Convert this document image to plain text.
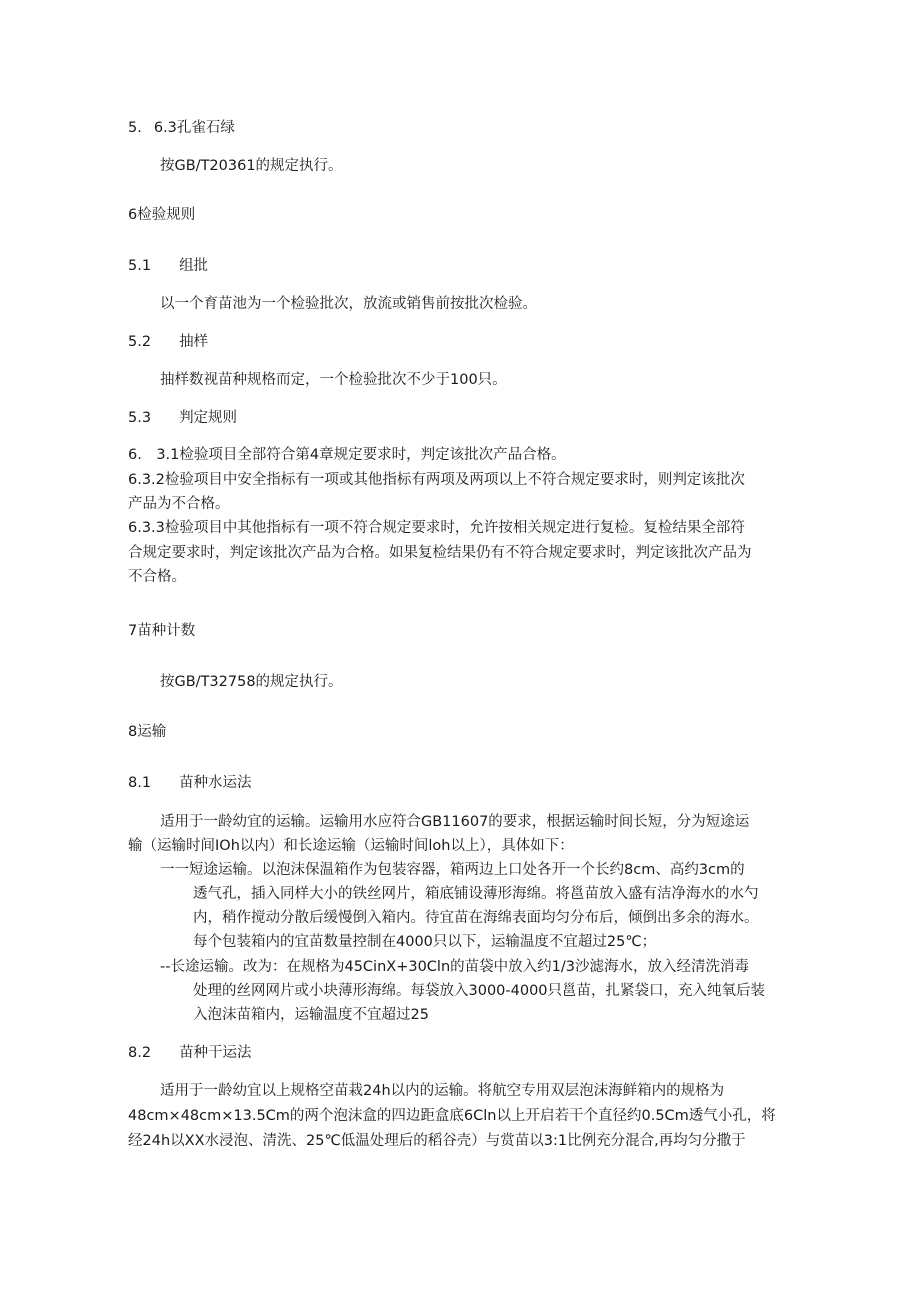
5. 6.3孔雀石绿
按GB/T20361的规定执行。
6检验规则
5.1 组批
以一个育苗池为一个检验批次，放流或销售前按批次检验。
5.2 抽样
抽样数视苗种规格而定，一个检验批次不少于100只。
5.3 判定规则
6.　3.1检验项目全部符合第4章规定要求时，判定该批次产品合格。
6.3.2检验项目中安全指标有一项或其他指标有两项及两项以上不符合规定要求时，则判定该批次
产品为不合格。
6.3.3检验项目中其他指标有一项不符合规定要求时，允许按相关规定进行复检。复检结果全部符
合规定要求时，判定该批次产品为合格。如果复检结果仍有不符合规定要求时，判定该批次产品为
不合格。
7苗种计数
按GB/T32758的规定执行。
8运输
8.1 苗种水运法
适用于一龄幼宜的运输。运输用水应符合GB11607的要求，根据运输时间长短，分为短途运
输（运输时间IOh以内）和长途运输（运输时间loh以上），具体如下：
一一短途运输。以泡沫保温箱作为包装容器，箱两边上口处各开一个长约8cm、高约3cm的
透气孔，插入同样大小的铁丝网片，箱底铺设薄形海绵。将邕苗放入盛有洁净海水的水勺
内，稍作搅动分散后缓慢倒入箱内。待宜苗在海绵表面均匀分布后，倾倒出多余的海水。
每个包装箱内的宜苗数量控制在4000只以下，运输温度不宜超过25℃；
--长途运输。改为：在规格为45CinX+30Cln的苗袋中放入约1/3沙滤海水，放入经清洗消毒
处理的丝网网片或小块薄形海绵。每袋放入3000-4000只邕苗，扎紧袋口，充入纯氧后装
入泡沫苗箱内，运输温度不宜超过25
8.2 苗种干运法
适用于一龄幼宜以上规格空苗栽24h以内的运输。将航空专用双层泡沫海鲜箱内的规格为
48cm×48cm×13.5Cm的两个泡沫盒的四边距盒底6Cln以上开启若干个直径约0.5Cm透气小孔，将
经24h以XX水浸泡、清洗、25℃低温处理后的稻谷壳）与赏苗以3:1比例充分混合,再均匀分撒于
